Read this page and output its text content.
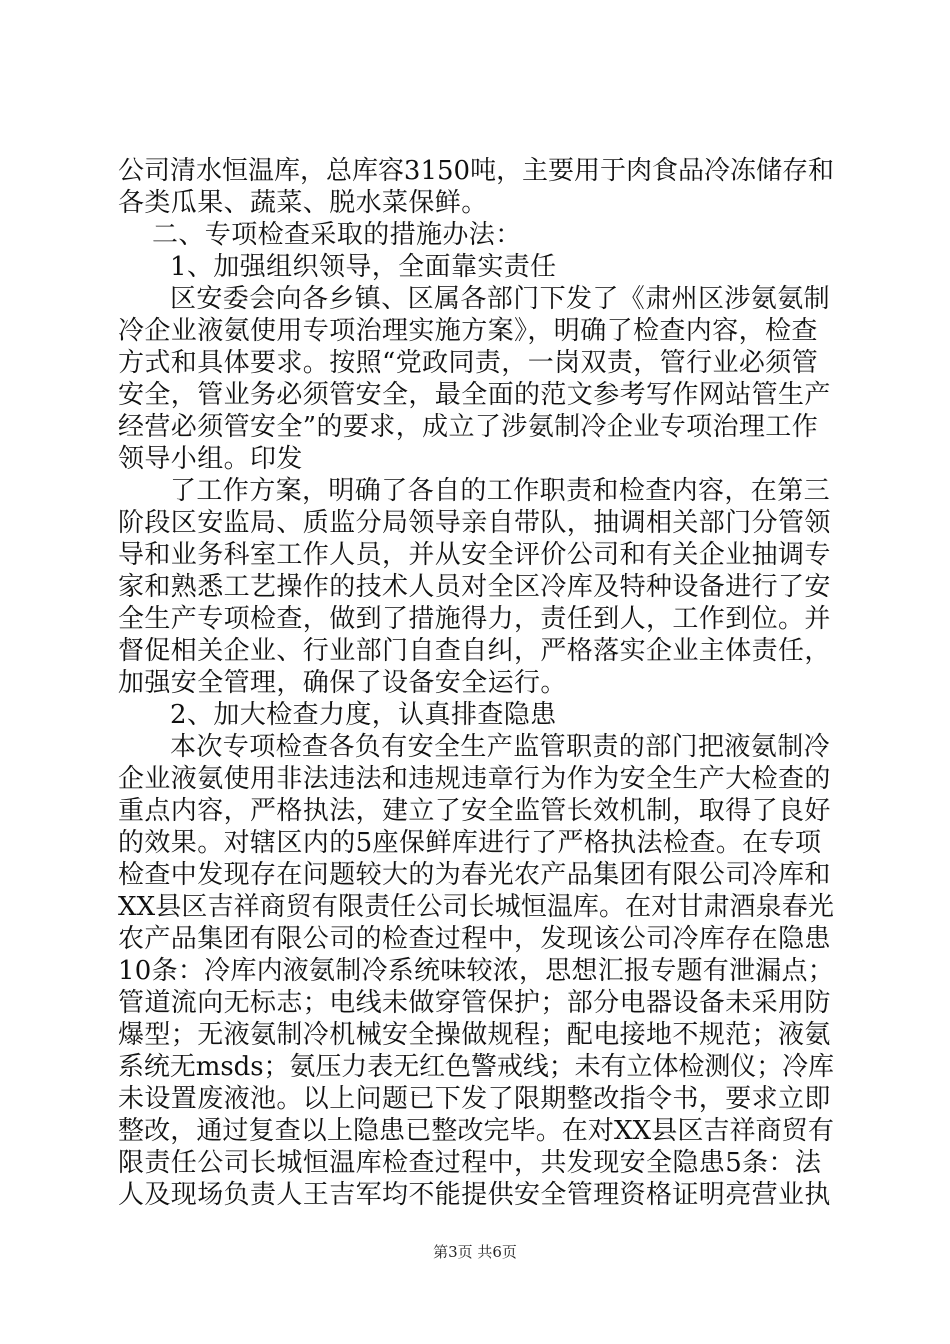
公司清水恒温库，总库容3150吨，主要用于肉食品冷冻储存和
各类瓜果、蔬菜、脱水菜保鲜。
二、专项检查采取的措施办法：
1、加强组织领导，全面靠实责任
区安委会向各乡镇、区属各部门下发了《肃州区涉氨氨制
冷企业液氨使用专项治理实施方案》，明确了检查内容，检查
方式和具体要求。按照“党政同责，一岗双责，管行业必须管
安全，管业务必须管安全，最全面的范文参考写作网站管生产
经营必须管安全”的要求，成立了涉氨制冷企业专项治理工作
领导小组。印发
了工作方案，明确了各自的工作职责和检查内容，在第三
阶段区安监局、质监分局领导亲自带队，抽调相关部门分管领
导和业务科室工作人员，并从安全评价公司和有关企业抽调专
家和熟悉工艺操作的技术人员对全区冷库及特种设备进行了安
全生产专项检查，做到了措施得力，责任到人，工作到位。并
督促相关企业、行业部门自查自纠，严格落实企业主体责任，
加强安全管理，确保了设备安全运行。
2、加大检查力度，认真排查隐患
本次专项检查各负有安全生产监管职责的部门把液氨制冷
企业液氨使用非法违法和违规违章行为作为安全生产大检查的
重点内容，严格执法，建立了安全监管长效机制，取得了良好
的效果。对辖区内的5座保鲜库进行了严格执法检查。在专项
检查中发现存在问题较大的为春光农产品集团有限公司冷库和
XX县区吉祥商贸有限责任公司长城恒温库。在对甘肃酒泉春光
农产品集团有限公司的检查过程中，发现该公司冷库存在隐患
10条：冷库内液氨制冷系统味较浓，思想汇报专题有泄漏点；
管道流向无标志；电线未做穿管保护；部分电器设备未采用防
爆型；无液氨制冷机械安全操做规程；配电接地不规范；液氨
系统无msds；氨压力表无红色警戒线；未有立体检测仪；冷库
未设置废液池。以上问题已下发了限期整改指令书，要求立即
整改，通过复查以上隐患已整改完毕。在对XX县区吉祥商贸有
限责任公司长城恒温库检查过程中，共发现安全隐患5条：法
人及现场负责人王吉军均不能提供安全管理资格证明亮营业执
第3页 共6页
